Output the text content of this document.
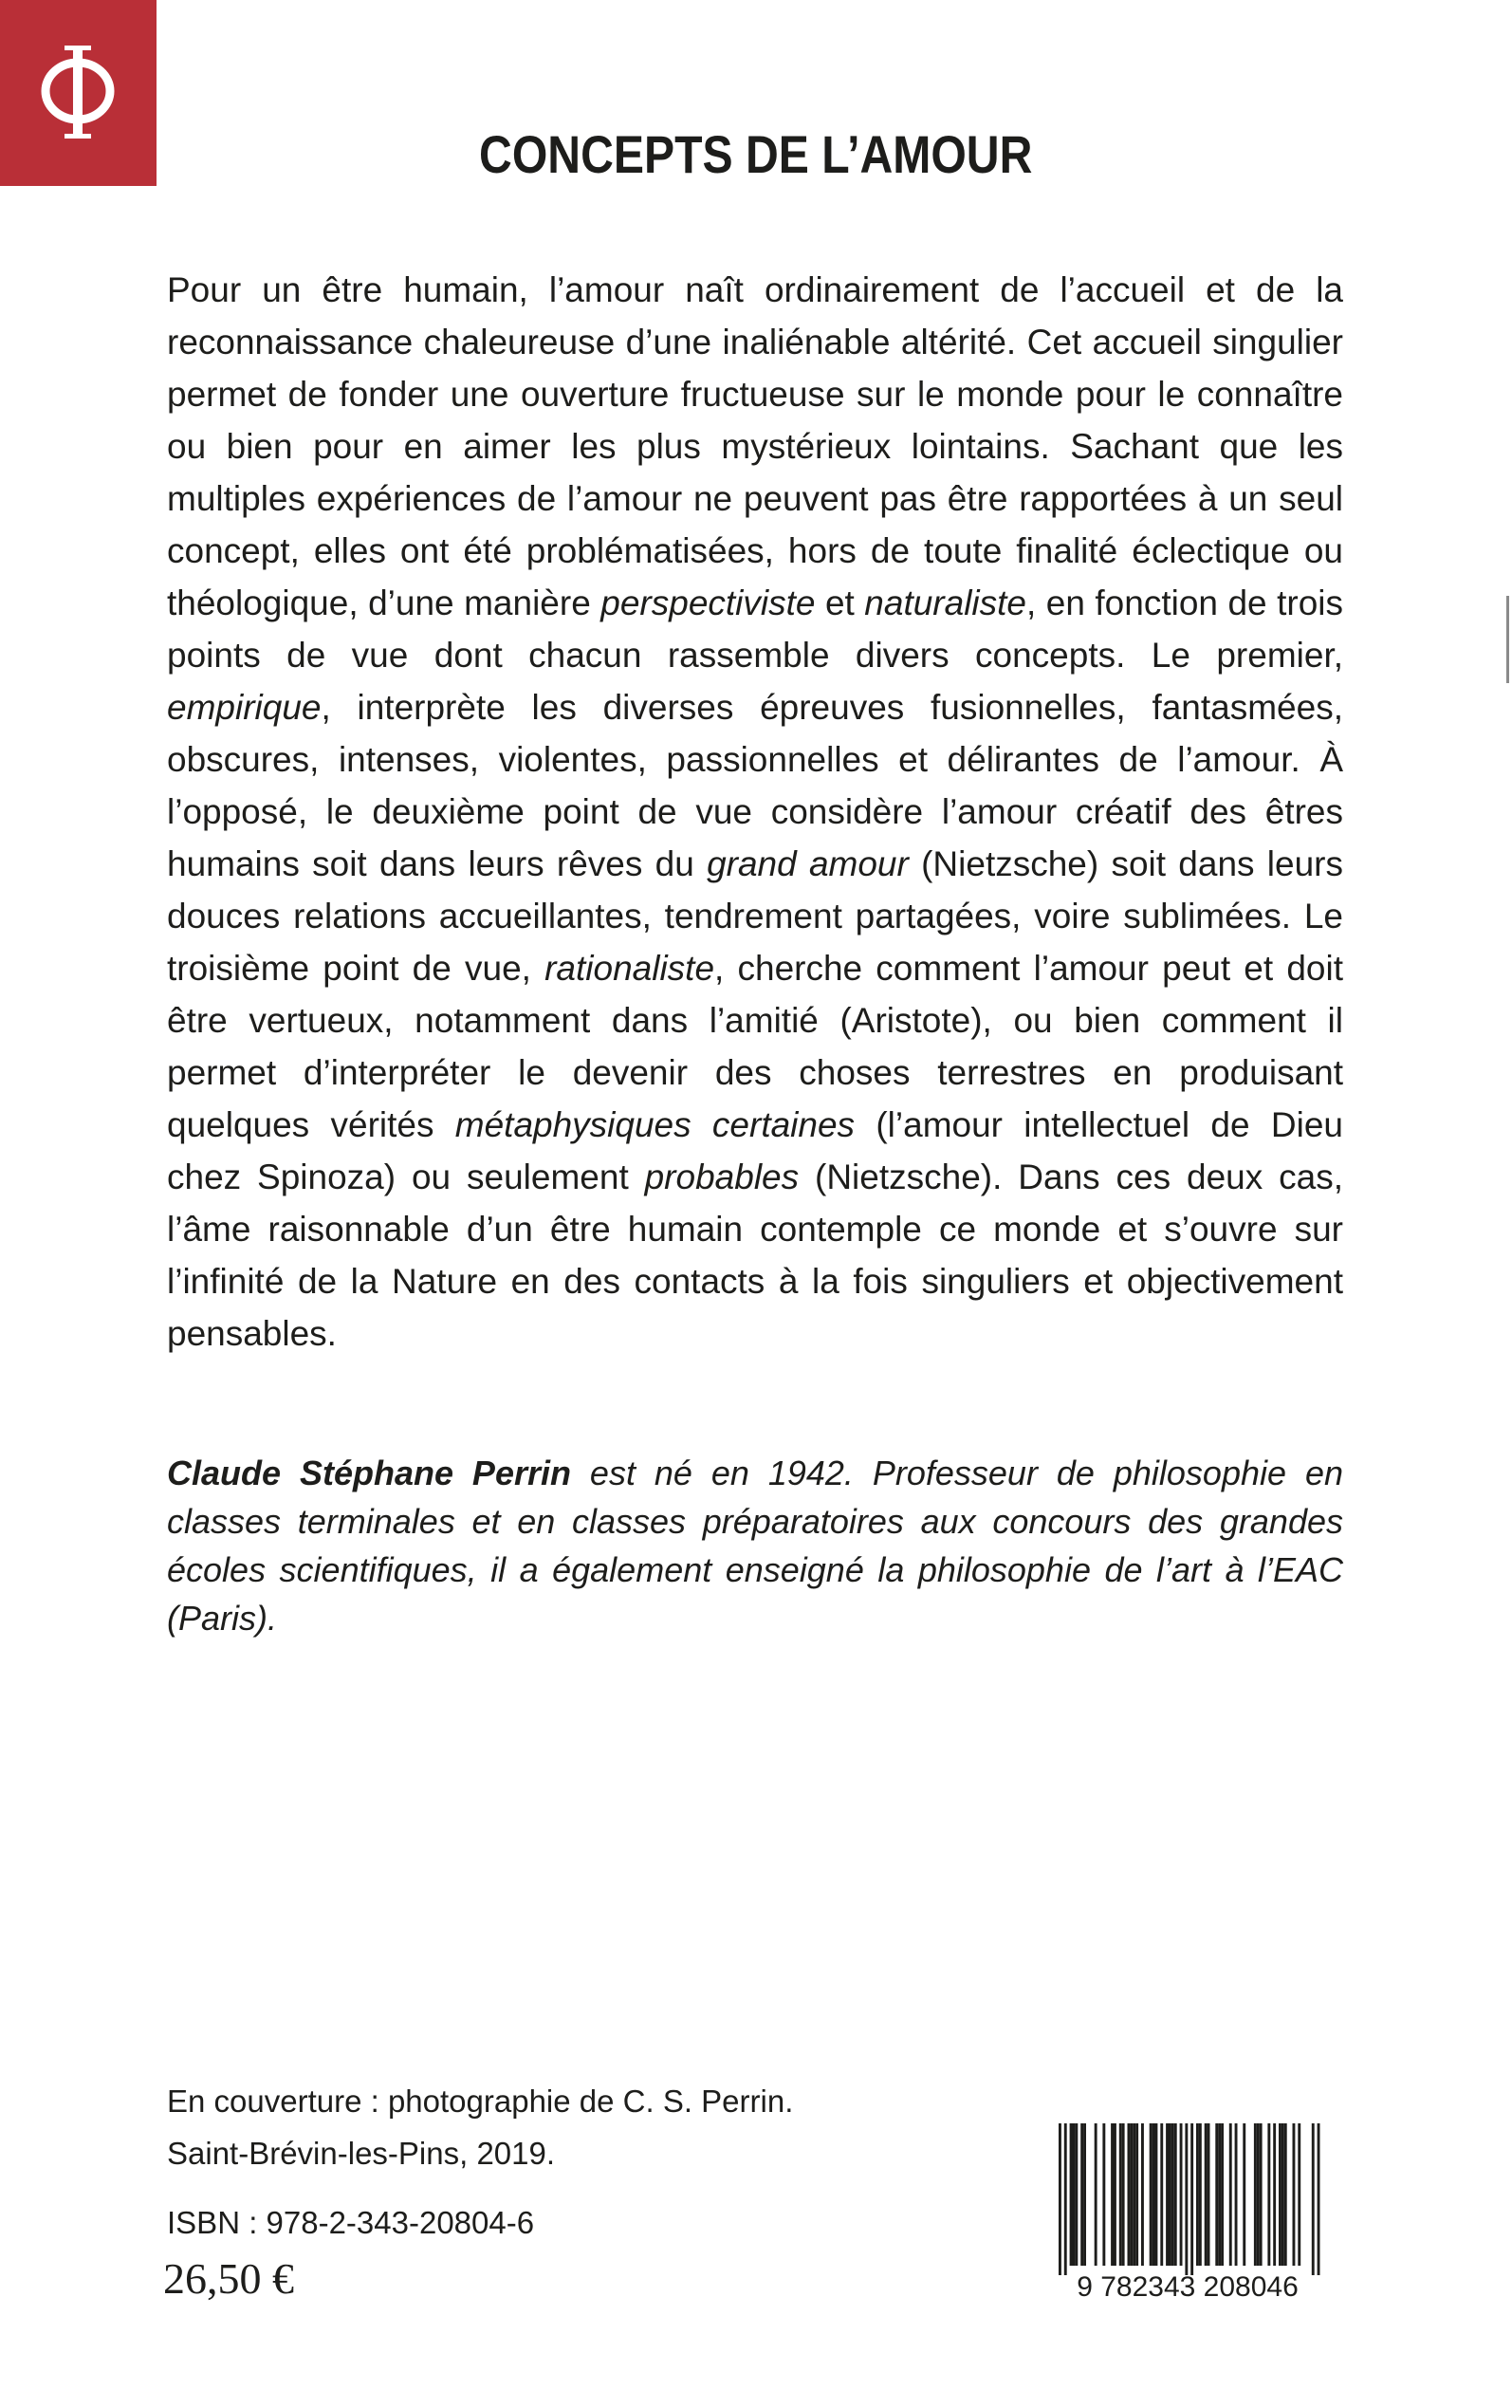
CONCEPTS DE L’AMOUR
Pour un être humain, l’amour naît ordinairement de l’accueil et de la reconnaissance chaleureuse d’une inaliénable altérité. Cet accueil singulier permet de fonder une ouverture fructueuse sur le monde pour le connaître ou bien pour en aimer les plus mystérieux lointains. Sachant que les multiples expériences de l’amour ne peuvent pas être rapportées à un seul concept, elles ont été problématisées, hors de toute finalité éclectique ou théologique, d’une manière perspectiviste et naturaliste, en fonction de trois points de vue dont chacun rassemble divers concepts. Le premier, empirique, interprète les diverses épreuves fusionnelles, fantasmées, obscures, intenses, violentes, passionnelles et délirantes de l’amour. À l’opposé, le deuxième point de vue considère l’amour créatif des êtres humains soit dans leurs rêves du grand amour (Nietzsche) soit dans leurs douces relations accueillantes, tendrement partagées, voire sublimées. Le troisième point de vue, rationaliste, cherche comment l’amour peut et doit être vertueux, notamment dans l’amitié (Aristote), ou bien comment il permet d’interpréter le devenir des choses terrestres en produisant quelques vérités métaphysiques certaines (l’amour intellectuel de Dieu chez Spinoza) ou seulement probables (Nietzsche). Dans ces deux cas, l’âme raisonnable d’un être humain contemple ce monde et s’ouvre sur l’infinité de la Nature en des contacts à la fois singuliers et objectivement pensables.
Claude Stéphane Perrin est né en 1942. Professeur de philosophie en classes terminales et en classes préparatoires aux concours des grandes écoles scientifiques, il a également enseigné la philosophie de l’art à l’EAC (Paris).
En couverture : photographie de C. S. Perrin.
Saint-Brévin-les-Pins, 2019.
ISBN : 978-2-343-20804-6
26,50 €	9 782343 208046
